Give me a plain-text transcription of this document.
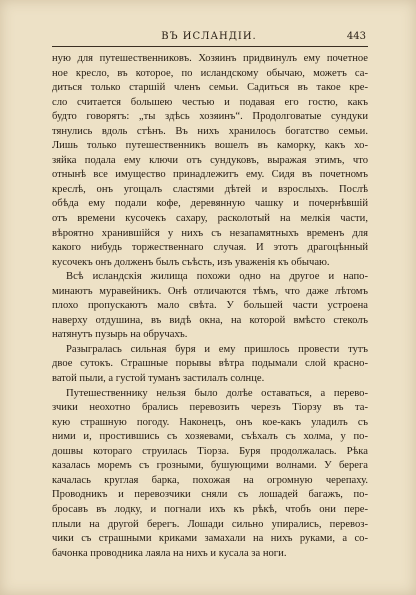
ВЪ ИСЛАНДІИ.	443
ную для путешественниковъ. Хозяинъ придвинулъ ему почетное
ное кресло, въ которое, по исландскому обычаю, можетъ са-
диться только старшій членъ семьи. Садиться въ такое кре-
сло считается большею честью и подавая его гостю, какъ
будто говорятъ: „ты здѣсь хозяинъ“. Продолговатые сундуки
тянулись вдоль стѣнъ. Въ нихъ хранилось богатство семьи.
Лишь только путешественникъ вошелъ въ каморку, какъ хо-
зяйка подала ему ключи отъ сундуковъ, выражая этимъ, что
отнынѣ все имущество принадлежитъ ему. Сидя въ почетномъ
креслѣ, онъ угощалъ сластями дѣтей и взрослыхъ. Послѣ
обѣда ему подали кофе, деревянную чашку и почернѣвшій
отъ времени кусочекъ сахару, расколотый на мелкія части,
вѣроятно хранившійся у нихъ съ незапамятныхъ временъ для
какого нибудь торжественнаго случая. И этотъ драгоцѣнный
кусочекъ онъ долженъ былъ съѣсть, изъ уваженія къ обычаю.
Всѣ исландскія жилища похожи одно на другое и напо-
минаютъ муравейникъ. Онѣ отличаются тѣмъ, что даже лѣтомъ
плохо пропускаютъ мало свѣта. У большей части устроена
наверху отдушина, въ видѣ окна, на которой вмѣсто стеколъ
натянутъ пузырь на обручахъ.
Разыгралась сильная буря и ему пришлось провести тутъ
двое сутокъ. Страшные порывы вѣтра подымали слой красно-
ватой пыли, а густой туманъ застилалъ солнце.
Путешественнику нельзя было долѣе оставаться, а перево-
зчики неохотно брались перевозить черезъ Тіорзу въ та-
кую страшную погоду. Наконецъ, онъ кое-какъ уладилъ съ
ними и, простившись съ хозяевами, съѣхалъ съ холма, у по-
дошвы котораго струилась Тіорза. Буря продолжалась. Рѣка
казалась моремъ съ грозными, бушующими волнами. У берега
качалась круглая барка, похожая на огромную черепаху.
Проводникъ и перевозчики сняли съ лошадей багажъ, по-
бросавъ въ лодку, и погнали ихъ къ рѣкѣ, чтобъ они пере-
плыли на другой берегъ. Лошади сильно упирались, перевоз-
чики съ страшными криками замахали на нихъ руками, а со-
бачонка проводника лаяла на нихъ и кусала за ноги.
